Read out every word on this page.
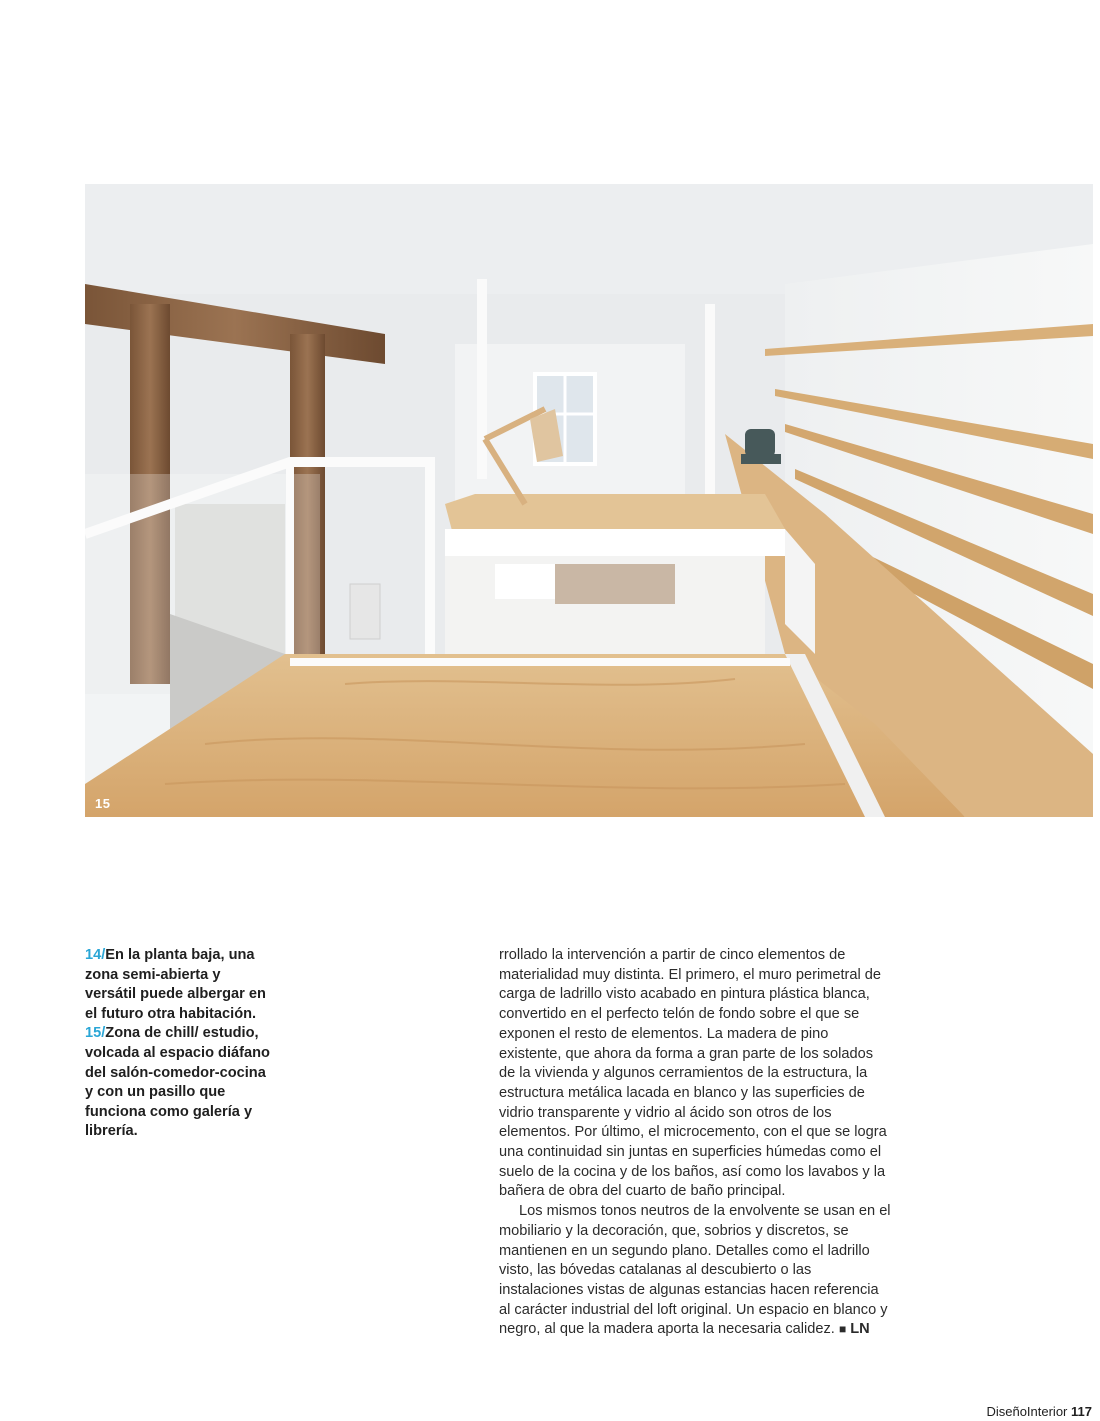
15
14/En la planta baja, una zona semi-abierta y versátil puede albergar en el futuro otra habitación. 15/Zona de chill/ estudio, volcada al espacio diáfano del salón-comedor-cocina y con un pasillo que funciona como galería y librería.

rrollado la intervención a partir de cinco elementos de materialidad muy distinta. El primero, el muro perimetral de carga de ladrillo visto acabado en pintura plástica blanca, convertido en el perfecto telón de fondo sobre el que se exponen el resto de elementos. La madera de pino existente, que ahora da forma a gran parte de los solados de la vivienda y algunos cerramientos de la estructura, la estructura metálica lacada en blanco y las superficies de vidrio transparente y vidrio al ácido son otros de los elementos. Por último, el microcemento, con el que se logra una continuidad sin juntas en superficies húmedas como el suelo de la cocina y de los baños, así como los lavabos y la bañera de obra del cuarto de baño principal.

Los mismos tonos neutros de la envolvente se usan en el mobiliario y la decoración, que, sobrios y discretos, se mantienen en un segundo plano. Detalles como el ladrillo visto, las bóvedas catalanas al descubierto o las instalaciones vistas de algunas estancias hacen referencia al carácter industrial del loft original. Un espacio en blanco y negro, al que la madera aporta la necesaria calidez. ■ LN

DiseñoInterior 117
